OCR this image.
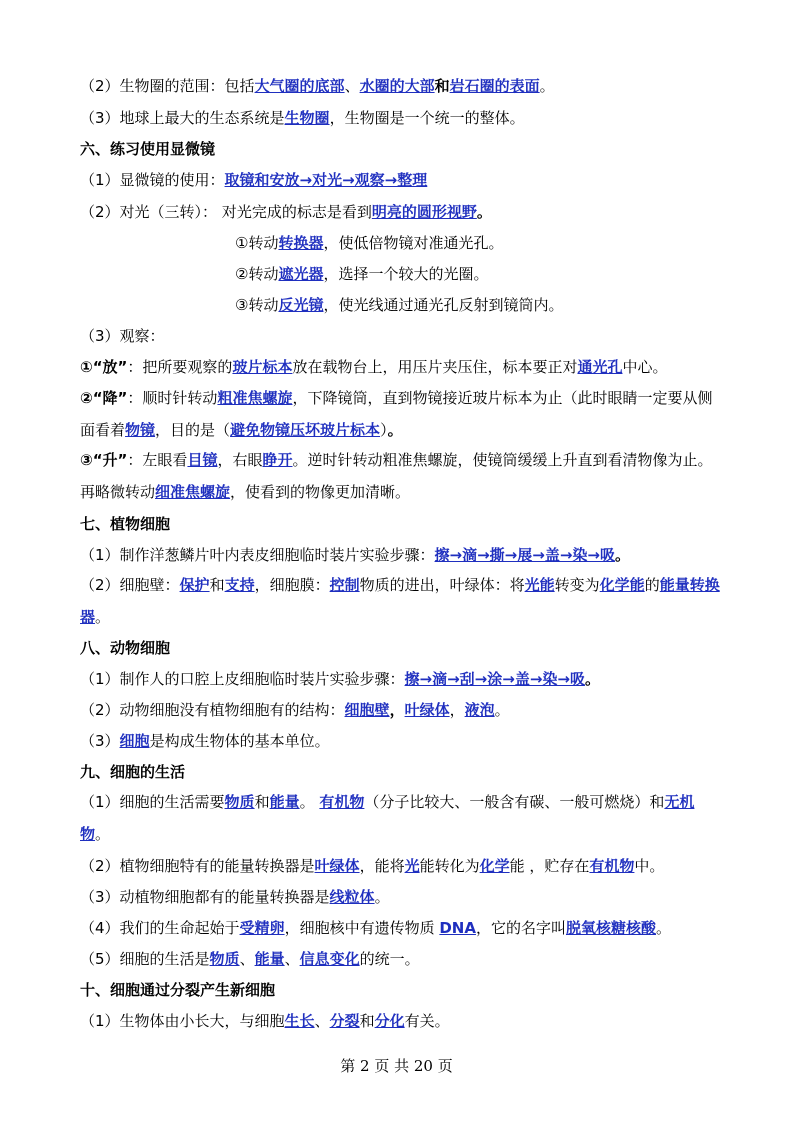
（2）生物圈的范围：包括大气圈的底部、水圈的大部和岩石圈的表面。
（3）地球上最大的生态系统是生物圈，生物圈是一个统一的整体。
六、练习使用显微镜
（1）显微镜的使用：取镜和安放→对光→观察→整理
（2）对光（三转）： 对光完成的标志是看到明亮的圆形视野。
①转动转换器，使低倍物镜对准通光孔。
②转动遮光器，选择一个较大的光圈。
③转动反光镜，使光线通过通光孔反射到镜筒内。
（3）观察：
①“放”：把所要观察的玻片标本放在载物台上，用压片夹压住，标本要正对通光孔中心。
②“降”：顺时针转动粗准焦螺旋，下降镜筒，直到物镜接近玻片标本为止（此时眼睛一定要从侧面看着物镜，目的是（避免物镜压坏玻片标本）。
③“升”：左眼看目镜，右眼睁开。逆时针转动粗准焦螺旋，使镜筒缓缓上升直到看清物像为止。再略微转动细准焦螺旋，使看到的物像更加清晰。
七、植物细胞
（1）制作洋葱鳞片叶内表皮细胞临时装片实验步骤：擦→滴→撕→展→盖→染→吸。
（2）细胞壁：保护和支持，细胞膜：控制物质的进出，叶绿体：将光能转变为化学能的能量转换器。
八、动物细胞
（1）制作人的口腔上皮细胞临时装片实验步骤：擦→滴→刮→涂→盖→染→吸。
（2）动物细胞没有植物细胞有的结构：细胞壁，叶绿体，液泡。
（3）细胞是构成生物体的基本单位。
九、细胞的生活
（1）细胞的生活需要物质和能量。 有机物（分子比较大、一般含有碳、一般可燃烧）和无机物。
（2）植物细胞特有的能量转换器是叶绿体，能将光能转化为化学能 ，贮存在有机物中。
（3）动植物细胞都有的能量转换器是线粒体。
（4）我们的生命起始于受精卵，细胞核中有遗传物质 DNA，它的名字叫脱氧核糖核酸。
（5）细胞的生活是物质、能量、信息变化的统一。
十、细胞通过分裂产生新细胞
（1）生物体由小长大，与细胞生长、分裂和分化有关。
第 2 页 共 20 页
